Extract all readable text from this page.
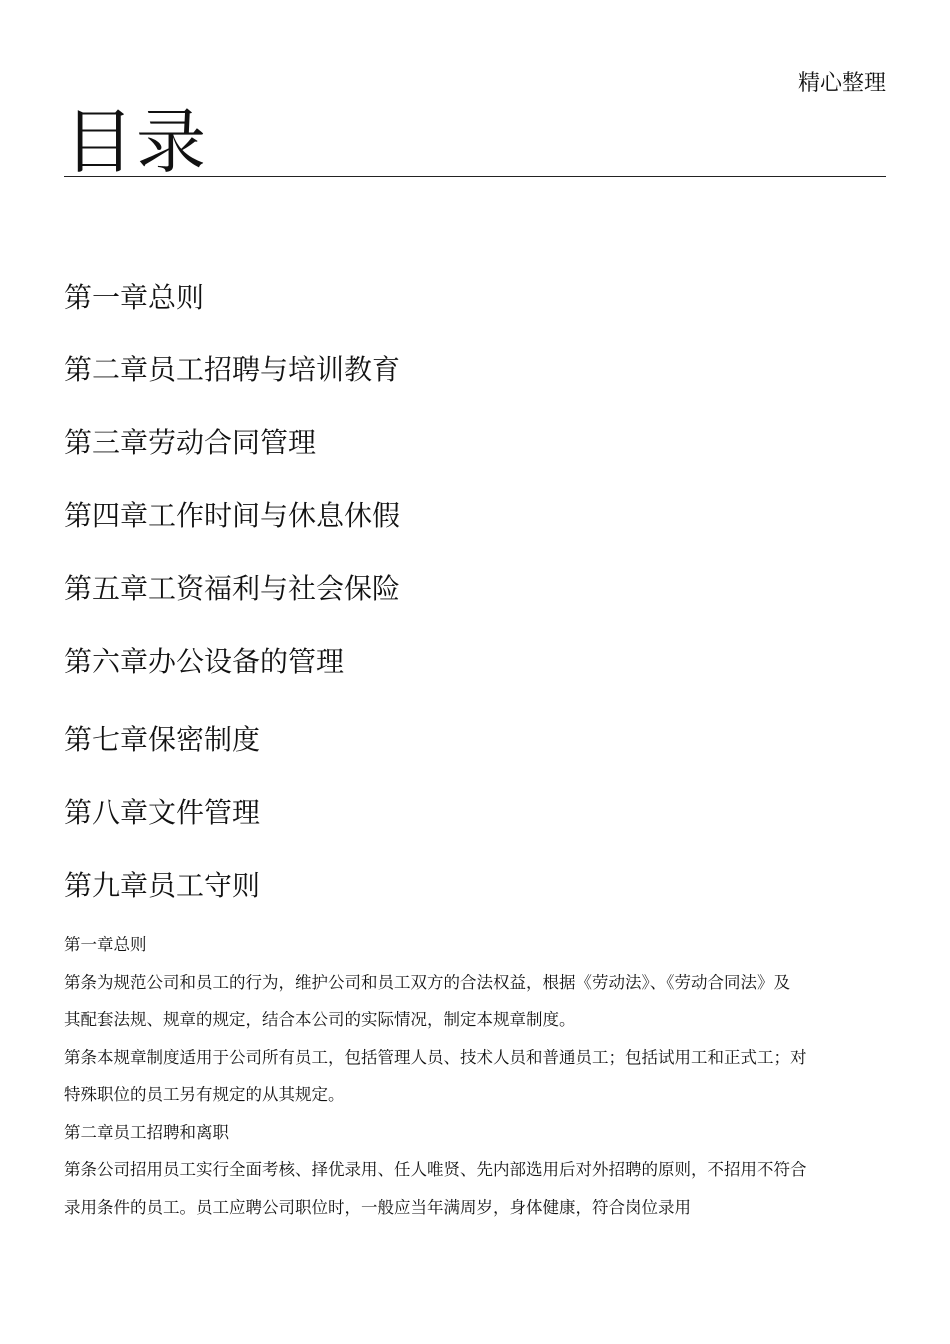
精心整理
目录
第一章总则
第二章员工招聘与培训教育
第三章劳动合同管理
第四章工作时间与休息休假
第五章工资福利与社会保险
第六章办公设备的管理
第七章保密制度
第八章文件管理
第九章员工守则

第一章总则

第条为规范公司和员工的行为，维护公司和员工双方的合法权益，根据《劳动法》、《劳动合同法》及

其配套法规、规章的规定，结合本公司的实际情况，制定本规章制度。

第条本规章制度适用于公司所有员工，包括管理人员、技术人员和普通员工；包括试用工和正式工；对

特殊职位的员工另有规定的从其规定。

第二章员工招聘和离职

第条公司招用员工实行全面考核、择优录用、任人唯贤、先内部选用后对外招聘的原则，不招用不符合

录用条件的员工。员工应聘公司职位时，一般应当年满周岁，身体健康，符合岗位录用
